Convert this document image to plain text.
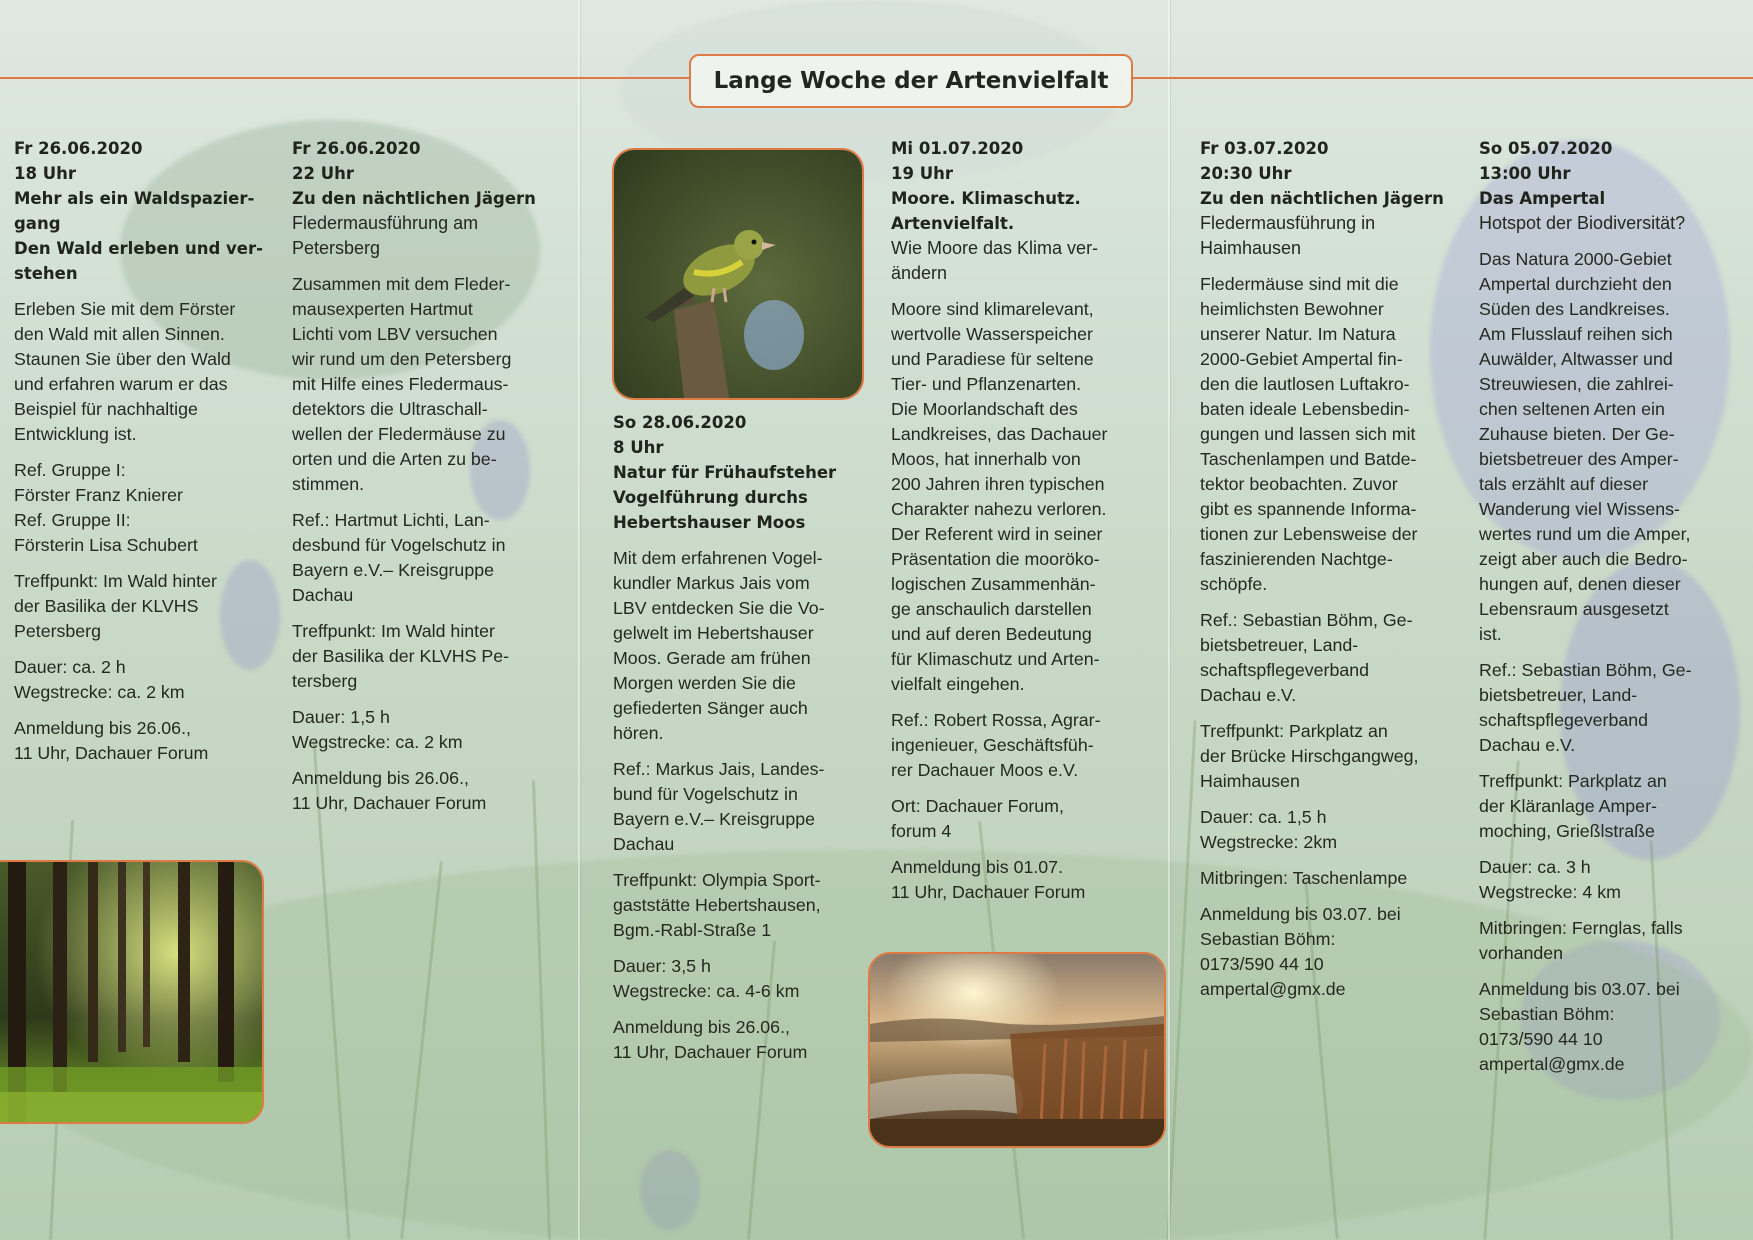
Lange Woche der Artenvielfalt

Fr 26.06.2020
18 Uhr
Mehr als ein Waldspazier-
gang
Den Wald erleben und ver-
stehen

Erleben Sie mit dem Förster
den Wald mit allen Sinnen.
Staunen Sie über den Wald
und erfahren warum er das
Beispiel für nachhaltige
Entwicklung ist.

Ref. Gruppe I:
Förster Franz Knierer
Ref. Gruppe II:
Försterin Lisa Schubert

Treffpunkt: Im Wald hinter
der Basilika der KLVHS
Petersberg

Dauer: ca. 2 h
Wegstrecke: ca. 2 km

Anmeldung bis 26.06.,
11 Uhr, Dachauer Forum

Fr 26.06.2020
22 Uhr
Zu den nächtlichen Jägern
Fledermausführung am
Petersberg

Zusammen mit dem Fleder-
mausexperten Hartmut
Lichti vom LBV versuchen
wir rund um den Petersberg
mit Hilfe eines Fledermaus-
detektors die Ultraschall-
wellen der Fledermäuse zu
orten und die Arten zu be-
stimmen.

Ref.: Hartmut Lichti, Lan-
desbund für Vogelschutz in
Bayern e.V.– Kreisgruppe
Dachau

Treffpunkt: Im Wald hinter
der Basilika der KLVHS Pe-
tersberg

Dauer: 1,5 h
Wegstrecke: ca. 2 km

Anmeldung bis 26.06.,
11 Uhr, Dachauer Forum

So 28.06.2020
8 Uhr
Natur für Frühaufsteher
Vogelführung durchs
Hebertshauser Moos

Mit dem erfahrenen Vogel-
kundler Markus Jais vom
LBV entdecken Sie die Vo-
gelwelt im Hebertshauser
Moos. Gerade am frühen
Morgen werden Sie die
gefiederten Sänger auch
hören.

Ref.: Markus Jais, Landes-
bund für Vogelschutz in
Bayern e.V.– Kreisgruppe
Dachau

Treffpunkt: Olympia Sport-
gaststätte Hebertshausen,
Bgm.-Rabl-Straße 1

Dauer: 3,5 h
Wegstrecke: ca. 4-6 km

Anmeldung bis 26.06.,
11 Uhr, Dachauer Forum

Mi 01.07.2020
19 Uhr
Moore. Klimaschutz.
Artenvielfalt.
Wie Moore das Klima ver-
ändern

Moore sind klimarelevant,
wertvolle Wasserspeicher
und Paradiese für seltene
Tier- und Pflanzenarten.
Die Moorlandschaft des
Landkreises, das Dachauer
Moos, hat innerhalb von
200 Jahren ihren typischen
Charakter nahezu verloren.
Der Referent wird in seiner
Präsentation die mooröko-
logischen Zusammenhän-
ge anschaulich darstellen
und auf deren Bedeutung
für Klimaschutz und Arten-
vielfalt eingehen.

Ref.: Robert Rossa, Agrar-
ingenieuer, Geschäftsfüh-
rer Dachauer Moos e.V.

Ort: Dachauer Forum,
forum 4

Anmeldung bis 01.07.
11 Uhr, Dachauer Forum

Fr 03.07.2020
20:30 Uhr
Zu den nächtlichen Jägern
Fledermausführung in
Haimhausen

Fledermäuse sind mit die
heimlichsten Bewohner
unserer Natur. Im Natura
2000-Gebiet Ampertal fin-
den die lautlosen Luftakro-
baten ideale Lebensbedin-
gungen und lassen sich mit
Taschenlampen und Batde-
tektor beobachten. Zuvor
gibt es spannende Informa-
tionen zur Lebensweise der
faszinierenden Nachtge-
schöpfe.

Ref.: Sebastian Böhm, Ge-
bietsbetreuer, Land-
schaftspflegeverband
Dachau e.V.

Treffpunkt: Parkplatz an
der Brücke Hirschgangweg,
Haimhausen

Dauer: ca. 1,5 h
Wegstrecke: 2km

Mitbringen: Taschenlampe

Anmeldung bis 03.07. bei
Sebastian Böhm:
0173/590 44 10
ampertal@gmx.de

So 05.07.2020
13:00 Uhr
Das Ampertal
Hotspot der Biodiversität?

Das Natura 2000-Gebiet
Ampertal durchzieht den
Süden des Landkreises.
Am Flusslauf reihen sich
Auwälder, Altwasser und
Streuwiesen, die zahlrei-
chen seltenen Arten ein
Zuhause bieten. Der Ge-
bietsbetreuer des Amper-
tals erzählt auf dieser
Wanderung viel Wissens-
wertes rund um die Amper,
zeigt aber auch die Bedro-
hungen auf, denen dieser
Lebensraum ausgesetzt
ist.

Ref.: Sebastian Böhm, Ge-
bietsbetreuer, Land-
schaftspflegeverband
Dachau e.V.

Treffpunkt: Parkplatz an
der Kläranlage Amper-
moching, Grießlstraße

Dauer: ca. 3 h
Wegstrecke: 4 km

Mitbringen: Fernglas, falls
vorhanden

Anmeldung bis 03.07. bei
Sebastian Böhm:
0173/590 44 10
ampertal@gmx.de
